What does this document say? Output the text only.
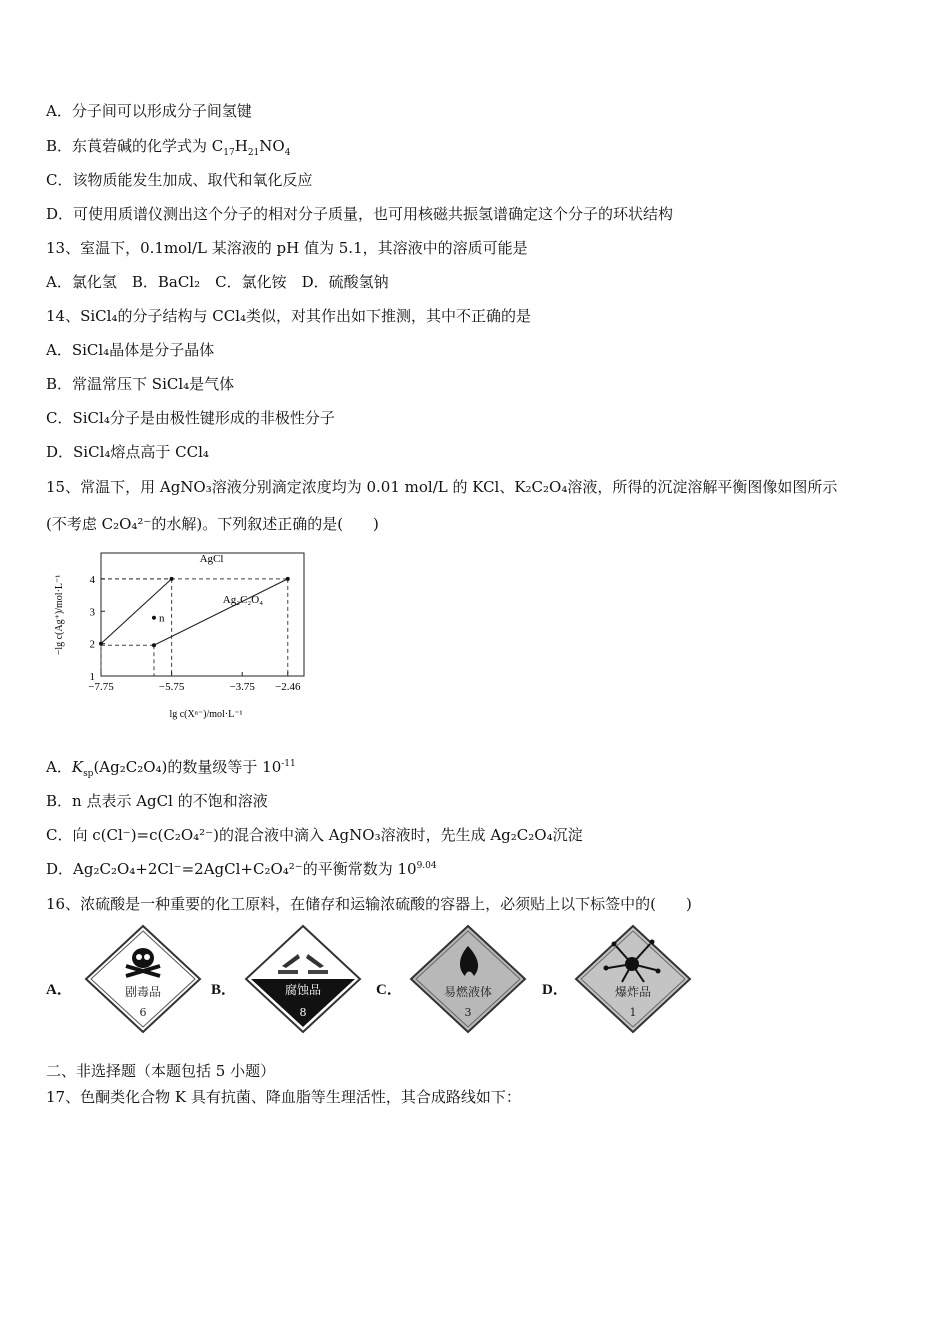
A．分子间可以形成分子间氢键
B．东莨菪碱的化学式为 $C_{17}H_{21}NO_4$
C．该物质能发生加成、取代和氧化反应
D．可使用质谱仪测出这个分子的相对分子质量，也可用核磁共振氢谱确定这个分子的环状结构
13、室温下，0.1mol/L 某溶液的 pH 值为 5.1，其溶液中的溶质可能是
A．氯化氢　B．BaCl₂　C．氯化铵　D．硫酸氢钠
14、SiCl₄的分子结构与 CCl₄类似，对其作出如下推测，其中不正确的是
A．SiCl₄晶体是分子晶体
B．常温常压下 SiCl₄是气体
C．SiCl₄分子是由极性键形成的非极性分子
D．SiCl₄熔点高于 CCl₄
15、常温下，用 AgNO₃溶液分别滴定浓度均为 0.01 mol/L 的 KCl、K₂C₂O₄溶液，所得的沉淀溶解平衡图像如图所示
(不考虑 C₂O₄²⁻的水解)。下列叙述正确的是(　　)
−7.75	−5.75	−3.75 −2.46
1
2
3
4
AgCl
Ag₂C₂O₄
n
lg c(Xⁿ⁻)/mol·L⁻¹
−lg c(Ag⁺)/mol·L⁻¹
A．$K_{sp}(Ag_2C_2O_4)$的数量级等于 $10^{-11}$
B．n 点表示 AgCl 的不饱和溶液
C．向 c(Cl⁻)=c(C₂O₄²⁻)的混合液中滴入 AgNO₃溶液时，先生成 Ag₂C₂O₄沉淀
D．Ag₂C₂O₄+2Cl⁻=2AgCl+C₂O₄²⁻的平衡常数为 $10^{9.04}$
16、浓硫酸是一种重要的化工原料，在储存和运输浓硫酸的容器上，必须贴上以下标签中的(　　)
A．	剧毒品
6
B．	腐蚀品
8
C．	易燃液体
3
D．	爆炸品
1
二、非选择题（本题包括 5 小题）
17、色酮类化合物 K 具有抗菌、降血脂等生理活性，其合成路线如下：
